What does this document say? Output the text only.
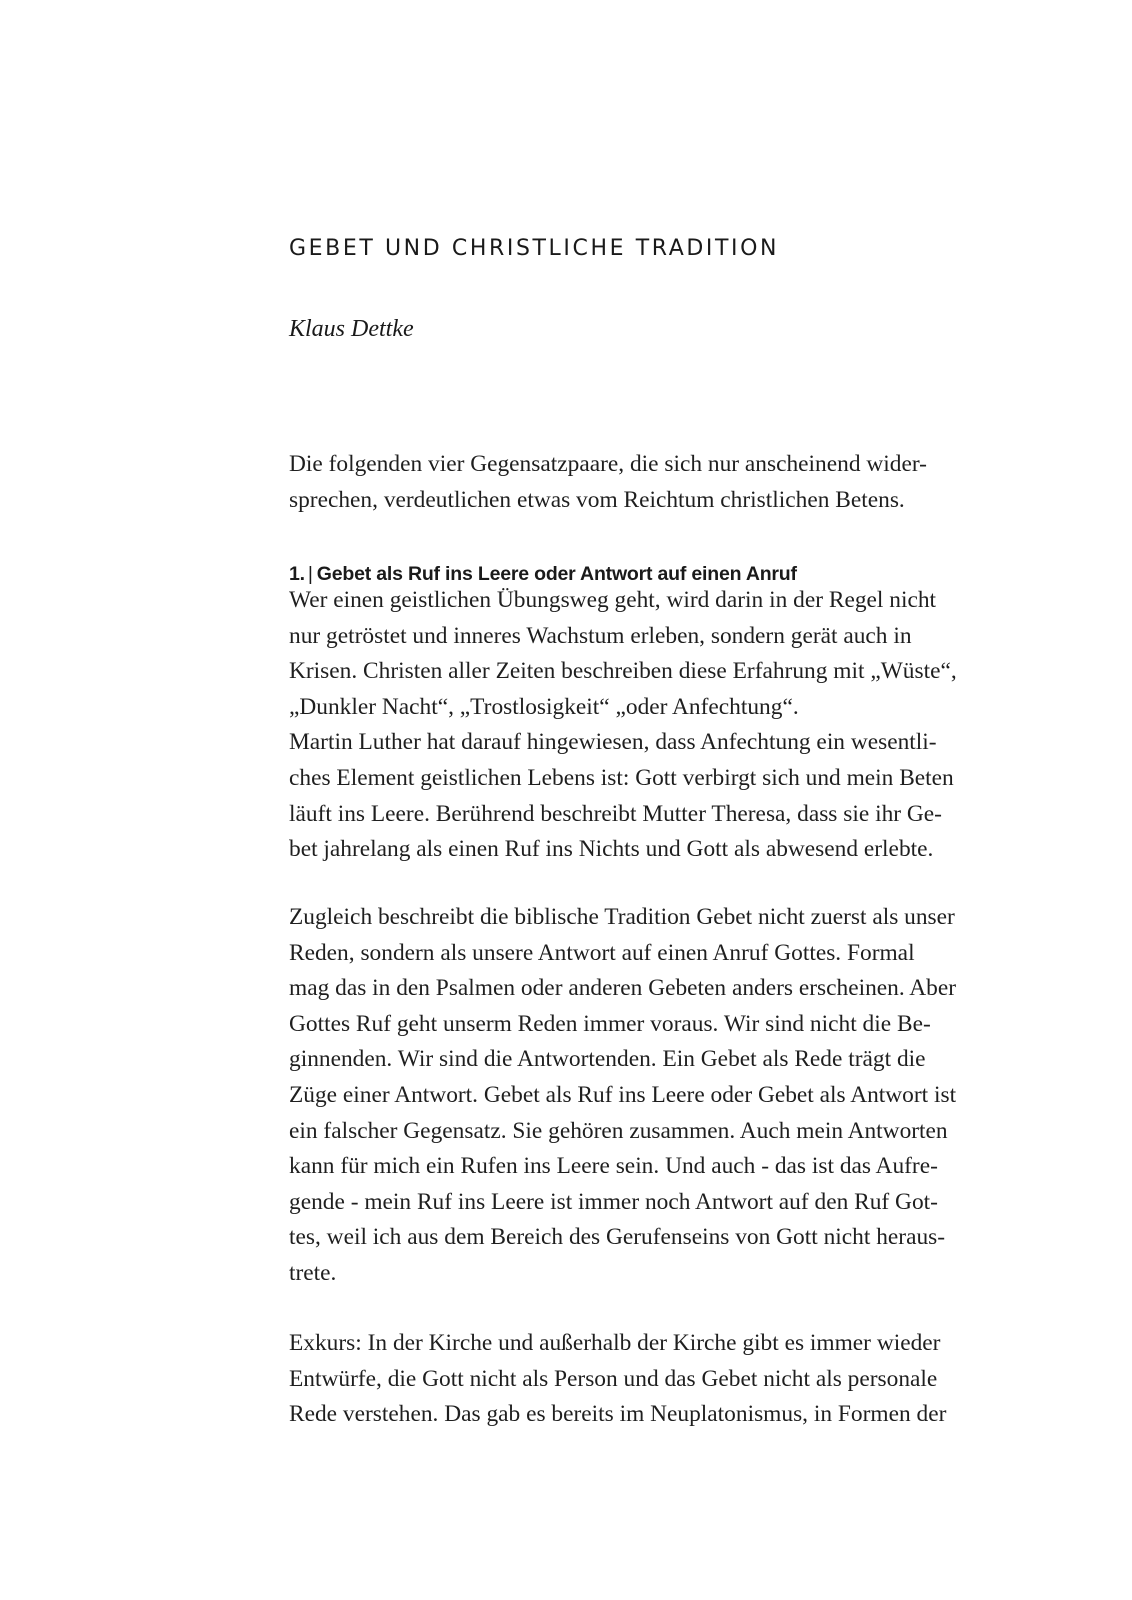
GEBET UND CHRISTLICHE TRADITION

Klaus Dettke

Die folgenden vier Gegensatzpaare, die sich nur anscheinend wider-
sprechen, verdeutlichen etwas vom Reichtum christlichen Betens.

1. | Gebet als Ruf ins Leere oder Antwort auf einen Anruf

Wer einen geistlichen Übungsweg geht, wird darin in der Regel nicht
nur getröstet und inneres Wachstum erleben, sondern gerät auch in
Krisen. Christen aller Zeiten beschreiben diese Erfahrung mit „Wüste“,
„Dunkler Nacht“, „Trostlosigkeit“ „oder Anfechtung“.
Martin Luther hat darauf hingewiesen, dass Anfechtung ein wesentli-
ches Element geistlichen Lebens ist: Gott verbirgt sich und mein Beten
läuft ins Leere. Berührend beschreibt Mutter Theresa, dass sie ihr Ge-
bet jahrelang als einen Ruf ins Nichts und Gott als abwesend erlebte.

Zugleich beschreibt die biblische Tradition Gebet nicht zuerst als unser
Reden, sondern als unsere Antwort auf einen Anruf Gottes. Formal
mag das in den Psalmen oder anderen Gebeten anders erscheinen. Aber
Gottes Ruf geht unserm Reden immer voraus. Wir sind nicht die Be-
ginnenden. Wir sind die Antwortenden. Ein Gebet als Rede trägt die
Züge einer Antwort. Gebet als Ruf ins Leere oder Gebet als Antwort ist
ein falscher Gegensatz. Sie gehören zusammen. Auch mein Antworten
kann für mich ein Rufen ins Leere sein. Und auch - das ist das Aufre-
gende - mein Ruf ins Leere ist immer noch Antwort auf den Ruf Got-
tes, weil ich aus dem Bereich des Gerufenseins von Gott nicht heraus-
trete.

Exkurs: In der Kirche und außerhalb der Kirche gibt es immer wieder
Entwürfe, die Gott nicht als Person und das Gebet nicht als personale
Rede verstehen. Das gab es bereits im Neuplatonismus, in Formen der
